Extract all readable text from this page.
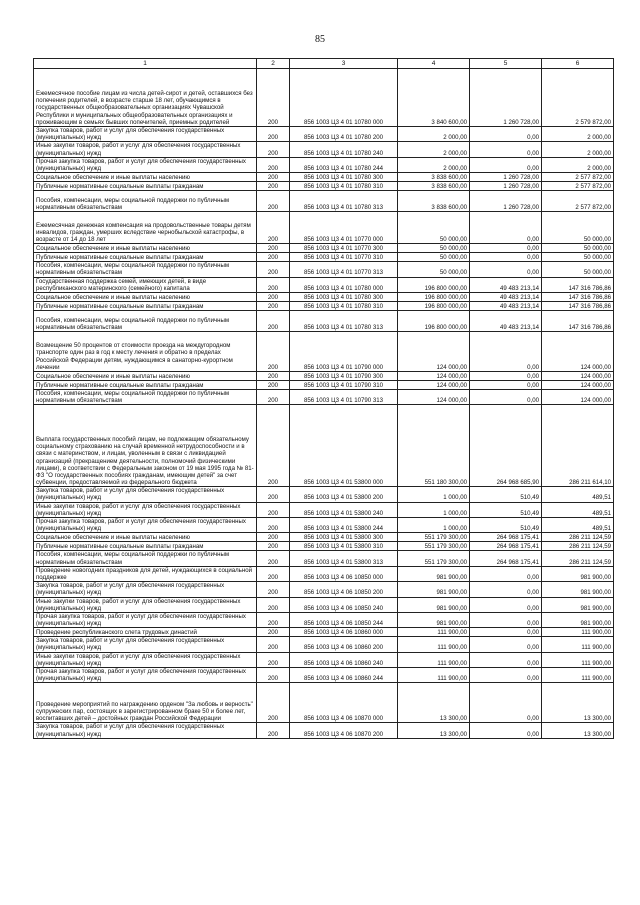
85
1	2	3	4	5	6
Ежемесячное пособие лицам из числа детей-сирот и детей, оставшихся без попечения родителей, в возрасте старше 18 лет, обучающимся в государственных общеобразовательных организациях Чувашской Республики и муниципальных общеобразовательных организациях и проживающим в семьях бывших попечителей, приемных родителей	200	856 1003 Ц3 4 01 10780 000	3 840 600,00	1 260 728,00	2 579 872,00
Закупка товаров, работ и услуг для обеспечения государственных (муниципальных) нужд	200	856 1003 Ц3 4 01 10780 200	2 000,00	0,00	2 000,00
Иные закупки товаров, работ и услуг для обеспечения государственных (муниципальных) нужд	200	856 1003 Ц3 4 01 10780 240	2 000,00	0,00	2 000,00
Прочая закупка товаров, работ и услуг для обеспечения государственных (муниципальных) нужд	200	856 1003 Ц3 4 01 10780 244	2 000,00	0,00	2 000,00
Социальное обеспечение и иные выплаты населению	200	856 1003 Ц3 4 01 10780 300	3 838 600,00	1 260 728,00	2 577 872,00
Публичные нормативные социальные выплаты гражданам	200	856 1003 Ц3 4 01 10780 310	3 838 600,00	1 260 728,00	2 577 872,00
Пособия, компенсации, меры социальной поддержки по публичным нормативным обязательствам	200	856 1003 Ц3 4 01 10780 313	3 838 600,00	1 260 728,00	2 577 872,00
Ежемесячная денежная компенсация на продовольственные товары детям инвалидов, граждан, умерших вследствие чернобыльской катастрофы, в возрасте от 14 до 18 лет	200	856 1003 Ц3 4 01 10770 000	50 000,00	0,00	50 000,00
Социальное обеспечение и иные выплаты населению	200	856 1003 Ц3 4 01 10770 300	50 000,00	0,00	50 000,00
Публичные нормативные социальные выплаты гражданам	200	856 1003 Ц3 4 01 10770 310	50 000,00	0,00	50 000,00
Пособия, компенсации, меры социальной поддержки по публичным нормативным обязательствам	200	856 1003 Ц3 4 01 10770 313	50 000,00	0,00	50 000,00
Государственная поддержка семей, имеющих детей, в виде республиканского материнского (семейного) капитала	200	856 1003 Ц3 4 01 10780 000	196 800 000,00	49 483 213,14	147 316 786,86
Социальное обеспечение и иные выплаты населению	200	856 1003 Ц3 4 01 10780 300	196 800 000,00	49 483 213,14	147 316 786,86
Публичные нормативные социальные выплаты гражданам	200	856 1003 Ц3 4 01 10780 310	196 800 000,00	49 483 213,14	147 316 786,86
Пособия, компенсации, меры социальной поддержки по публичным нормативным обязательствам	200	856 1003 Ц3 4 01 10780 313	196 800 000,00	49 483 213,14	147 316 786,86
Возмещение 50 процентов от стоимости проезда на междугородном транспорте один раз в год к месту лечения и обратно в пределах Российской Федерации детям, нуждающимся в санаторно-курортном лечении	200	856 1003 Ц3 4 01 10790 000	124 000,00	0,00	124 000,00
Социальное обеспечение и иные выплаты населению	200	856 1003 Ц3 4 01 10790 300	124 000,00	0,00	124 000,00
Публичные нормативные социальные выплаты гражданам	200	856 1003 Ц3 4 01 10790 310	124 000,00	0,00	124 000,00
Пособия, компенсации, меры социальной поддержки по публичным нормативным обязательствам	200	856 1003 Ц3 4 01 10790 313	124 000,00	0,00	124 000,00
Выплата государственных пособий лицам, не подлежащим обязательному социальному страхованию на случай временной нетрудоспособности и в связи с материнством, и лицам, уволенным в связи с ликвидацией организаций (прекращением деятельности, полномочий физическими лицами), в соответствии с Федеральным законом от 19 мая 1995 года № 81-ФЗ "О государственных пособиях гражданам, имеющим детей" за счет субвенции, предоставляемой из федерального бюджета	200	856 1003 Ц3 4 01 53800 000	551 180 300,00	264 968 685,90	286 211 614,10
Закупка товаров, работ и услуг для обеспечения государственных (муниципальных) нужд	200	856 1003 Ц3 4 01 53800 200	1 000,00	510,49	489,51
Иные закупки товаров, работ и услуг для обеспечения государственных (муниципальных) нужд	200	856 1003 Ц3 4 01 53800 240	1 000,00	510,49	489,51
Прочая закупка товаров, работ и услуг для обеспечения государственных (муниципальных) нужд	200	856 1003 Ц3 4 01 53800 244	1 000,00	510,49	489,51
Социальное обеспечение и иные выплаты населению	200	856 1003 Ц3 4 01 53800 300	551 179 300,00	264 968 175,41	286 211 124,59
Публичные нормативные социальные выплаты гражданам	200	856 1003 Ц3 4 01 53800 310	551 179 300,00	264 968 175,41	286 211 124,59
Пособия, компенсации, меры социальной поддержки по публичным нормативным обязательствам	200	856 1003 Ц3 4 01 53800 313	551 179 300,00	264 968 175,41	286 211 124,59
Проведение новогодних праздников для детей, нуждающихся в социальной поддержке	200	856 1003 Ц3 4 06 10850 000	981 900,00	0,00	981 900,00
Закупка товаров, работ и услуг для обеспечения государственных (муниципальных) нужд	200	856 1003 Ц3 4 06 10850 200	981 900,00	0,00	981 900,00
Иные закупки товаров, работ и услуг для обеспечения государственных (муниципальных) нужд	200	856 1003 Ц3 4 06 10850 240	981 900,00	0,00	981 900,00
Прочая закупка товаров, работ и услуг для обеспечения государственных (муниципальных) нужд	200	856 1003 Ц3 4 06 10850 244	981 900,00	0,00	981 900,00
Проведение республиканского слета трудовых династий	200	856 1003 Ц3 4 06 10860 000	111 900,00	0,00	111 900,00
Закупка товаров, работ и услуг для обеспечения государственных (муниципальных) нужд	200	856 1003 Ц3 4 06 10860 200	111 900,00	0,00	111 900,00
Иные закупки товаров, работ и услуг для обеспечения государственных (муниципальных) нужд	200	856 1003 Ц3 4 06 10860 240	111 900,00	0,00	111 900,00
Прочая закупка товаров, работ и услуг для обеспечения государственных (муниципальных) нужд	200	856 1003 Ц3 4 06 10860 244	111 900,00	0,00	111 900,00
Проведение мероприятий по награждению орденом "За любовь и верность" супружеских пар, состоящих в зарегистрированном браке 50 и более лет, воспитавших детей – достойных граждан Российской Федерации	200	856 1003 Ц3 4 06 10870 000	13 300,00	0,00	13 300,00
Закупка товаров, работ и услуг для обеспечения государственных (муниципальных) нужд	200	856 1003 Ц3 4 06 10870 200	13 300,00	0,00	13 300,00
